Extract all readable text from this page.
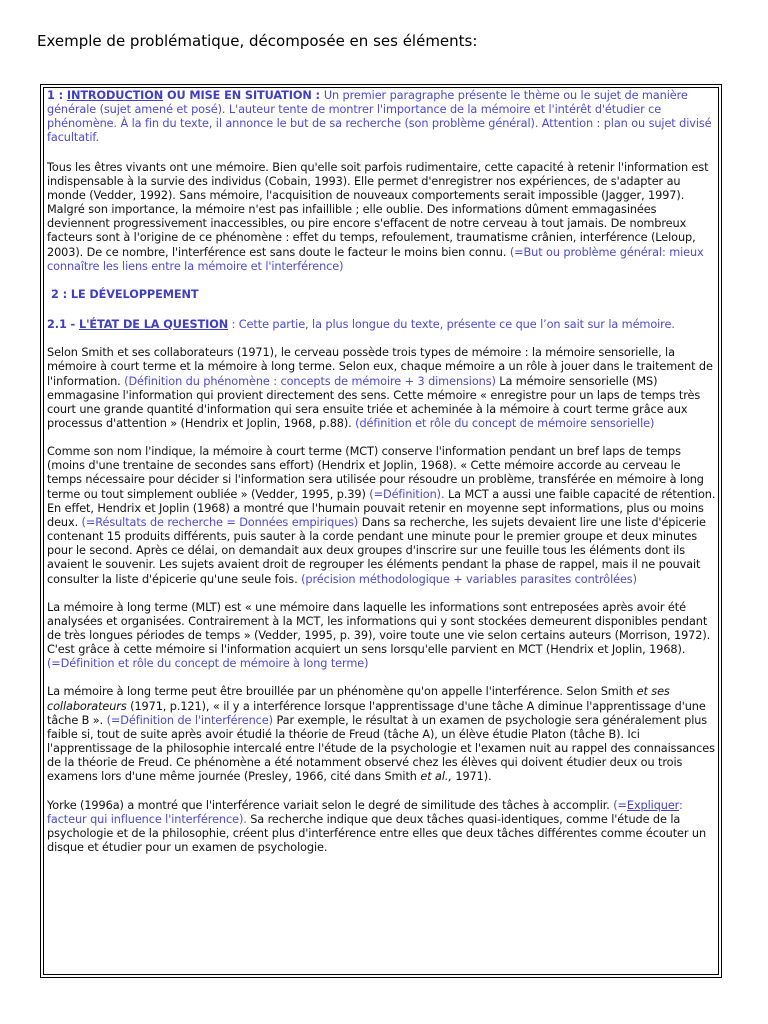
Exemple de problématique, décomposée en ses éléments:

1 : INTRODUCTION OU MISE EN SITUATION : Un premier paragraphe présente le thème ou le sujet de manière générale (sujet amené et posé). L'auteur tente de montrer l'importance de la mémoire et l'intérêt d'étudier ce phénomène. À la fin du texte, il annonce le but de sa recherche (son problème général). Attention : plan ou sujet divisé facultatif.

Tous les êtres vivants ont une mémoire. Bien qu'elle soit parfois rudimentaire, cette capacité à retenir l'information est indispensable à la survie des individus (Cobain, 1993). Elle permet d'enregistrer nos expériences, de s'adapter au monde (Vedder, 1992). Sans mémoire, l'acquisition de nouveaux comportements serait impossible (Jagger, 1997). Malgré son importance, la mémoire n'est pas infaillible ; elle oublie. Des informations dûment emmagasinées deviennent progressivement inaccessibles, ou pire encore s'effacent de notre cerveau à tout jamais. De nombreux facteurs sont à l'origine de ce phénomène : effet du temps, refoulement, traumatisme crânien, interférence (Leloup, 2003). De ce nombre, l'interférence est sans doute le facteur le moins bien connu. (=But ou problème général: mieux connaître les liens entre la mémoire et l'interférence)

2 : LE DÉVELOPPEMENT

2.1 - L'ÉTAT DE LA QUESTION : Cette partie, la plus longue du texte, présente ce que l’on sait sur la mémoire.

Selon Smith et ses collaborateurs (1971), le cerveau possède trois types de mémoire : la mémoire sensorielle, la mémoire à court terme et la mémoire à long terme. Selon eux, chaque mémoire a un rôle à jouer dans le traitement de l'information. (Définition du phénomène : concepts de mémoire + 3 dimensions) La mémoire sensorielle (MS) emmagasine l'information qui provient directement des sens. Cette mémoire « enregistre pour un laps de temps très court une grande quantité d'information qui sera ensuite triée et acheminée à la mémoire à court terme grâce aux processus d'attention » (Hendrix et Joplin, 1968, p.88). (définition et rôle du concept de mémoire sensorielle)

Comme son nom l'indique, la mémoire à court terme (MCT) conserve l'information pendant un bref laps de temps (moins d'une trentaine de secondes sans effort) (Hendrix et Joplin, 1968). « Cette mémoire accorde au cerveau le temps nécessaire pour décider si l'information sera utilisée pour résoudre un problème, transférée en mémoire à long terme ou tout simplement oubliée » (Vedder, 1995, p.39) (=Définition). La MCT a aussi une faible capacité de rétention. En effet, Hendrix et Joplin (1968) a montré que l'humain pouvait retenir en moyenne sept informations, plus ou moins deux. (=Résultats de recherche = Données empiriques) Dans sa recherche, les sujets devaient lire une liste d'épicerie contenant 15 produits différents, puis sauter à la corde pendant une minute pour le premier groupe et deux minutes pour le second. Après ce délai, on demandait aux deux groupes d'inscrire sur une feuille tous les éléments dont ils avaient le souvenir. Les sujets avaient droit de regrouper les éléments pendant la phase de rappel, mais il ne pouvait consulter la liste d'épicerie qu'une seule fois. (précision méthodologique + variables parasites contrôlées)

La mémoire à long terme (MLT) est « une mémoire dans laquelle les informations sont entreposées après avoir été analysées et organisées. Contrairement à la MCT, les informations qui y sont stockées demeurent disponibles pendant de très longues périodes de temps » (Vedder, 1995, p. 39), voire toute une vie selon certains auteurs (Morrison, 1972). C'est grâce à cette mémoire si l'information acquiert un sens lorsqu'elle parvient en MCT (Hendrix et Joplin, 1968). (=Définition et rôle du concept de mémoire à long terme)

La mémoire à long terme peut être brouillée par un phénomène qu'on appelle l'interférence. Selon Smith et ses collaborateurs (1971, p.121), « il y a interférence lorsque l'apprentissage d'une tâche A diminue l'apprentissage d'une tâche B ». (=Définition de l'interférence) Par exemple, le résultat à un examen de psychologie sera généralement plus faible si, tout de suite après avoir étudié la théorie de Freud (tâche A), un élève étudie Platon (tâche B). Ici l'apprentissage de la philosophie intercalé entre l'étude de la psychologie et l'examen nuit au rappel des connaissances de la théorie de Freud. Ce phénomène a été notamment observé chez les élèves qui doivent étudier deux ou trois examens lors d'une même journée (Presley, 1966, cité dans Smith et al., 1971).

Yorke (1996a) a montré que l'interférence variait selon le degré de similitude des tâches à accomplir. (=Expliquer: facteur qui influence l'interférence). Sa recherche indique que deux tâches quasi-identiques, comme l'étude de la psychologie et de la philosophie, créent plus d'interférence entre elles que deux tâches différentes comme écouter un disque et étudier pour un examen de psychologie.
